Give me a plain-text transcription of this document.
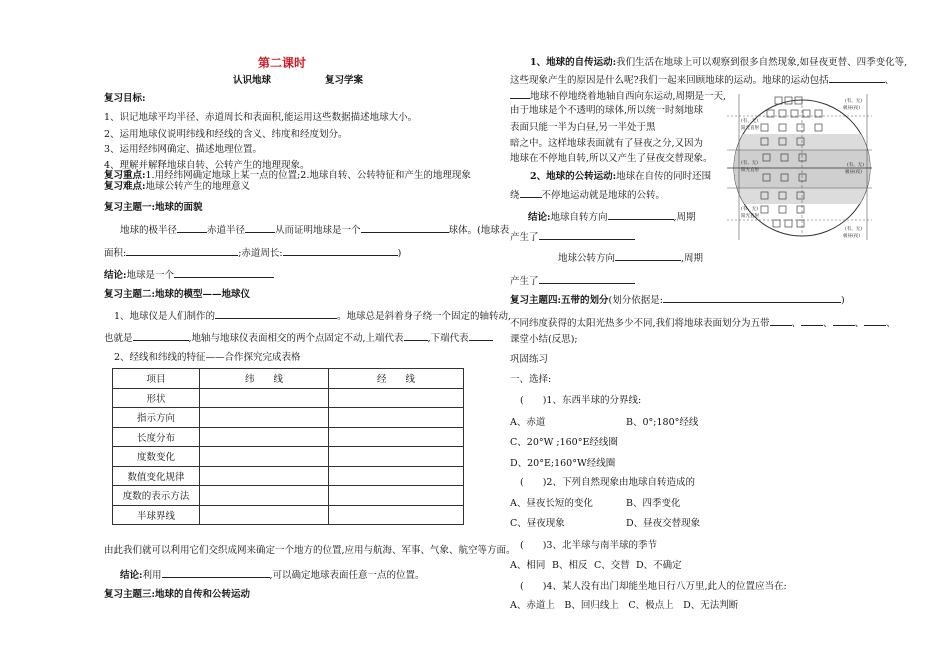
第二课时
认识地球	复习学案
复习目标:
1、识记地球平均半径、赤道周长和表面积,能运用这些数据描述地球大小。
2、运用地球仪说明纬线和经线的含义、纬度和经度划分。
3、运用经纬网确定、描述地理位置。
4、理解并解释地球自转、公转产生的地理现象。
复习重点:1.用经纬网确定地球上某一点的位置;2.地球自转、公转特征和产生的地理现象
复习难点:地球公转产生的地理意义
复习主题一:地球的面貌
地球的极半径	赤道半径	从而证明地球是一个	球体。(地球表
面积:	;赤道周长:	)
结论:地球是一个
复习主题二:地球的模型——地球仪
1、地球仪是人们制作的	。地球总是斜着身子绕一个固定的轴转动,
也就是	,地轴与地球仪表面相交的两个点固定不动,上端代表	,下端代表
2、经线和纬线的特征——合作探究完成表格
项目	纬　　线	经　　线
形状		
指示方向		
长度分布		
度数变化		
数值变化规律		
度数的表示方法		
半球界线		
由此我们就可以利用它们交织成网来确定一个地方的位置,应用与航海、军事、气象、航空等方面。
结论:利用	,可以确定地球表面任意一点的位置。
复习主题三:地球的自传和公转运动
1、地球的自传运动:我们生活在地球上可以观察到很多自然现象,如昼夜更替、四季变化等,
这些现象产生的原因是什么呢?我们一起来回顾地球的运动。地球的运动包括	、
地球不停地绕着地轴自西向东运动,周期是一天,
由于地球是个不透明的球体,所以统一时刻地球
表面只能一半为白昼,另一半处于黑
暗之中。这样地球表面就有了昼夜之分,又因为
地球在不停地自转,所以又产生了昼夜交替现象。
2、地球的公转运动:地球在自传的同时还围
绕 不停地运动就是地球的公转。
结论:地球自转方向	,周期
产生了
地球公转方向	,周期
产生了
复习主题四:五带的划分(划分依据是:	)
不同纬度获得的太阳光热多少不同,我们将地球表面划分为五带 、 、 、 、
课堂小结(反思);
巩固练习
一、选择:
(　　)1、东西半球的分界线:
A、赤道	B、0°;180°经线
C、20°W ;160°E经线圈
D、20°E;160°W经线圈
(　　)2、下列自然现象由地球自转造成的
A、昼夜长短的变化	B、四季变化
C、昼夜现象	D、昼夜交替现象
(　　)3、北半球与南半球的季节
A、相同 B、相反 C、交替 D、不确定
(　　)4、某人没有出门却能坐地日行八万里,此人的位置应当在:
A、赤道上　B、回归线上　C、极点上　D、无法判断
(有、无)
极昼(夜)
(有、无)
阳光直射
(有、无)
阳光直射
(有、无)
阳光直射
(有、无)
极昼(夜)
(有、无)
极昼(夜)
